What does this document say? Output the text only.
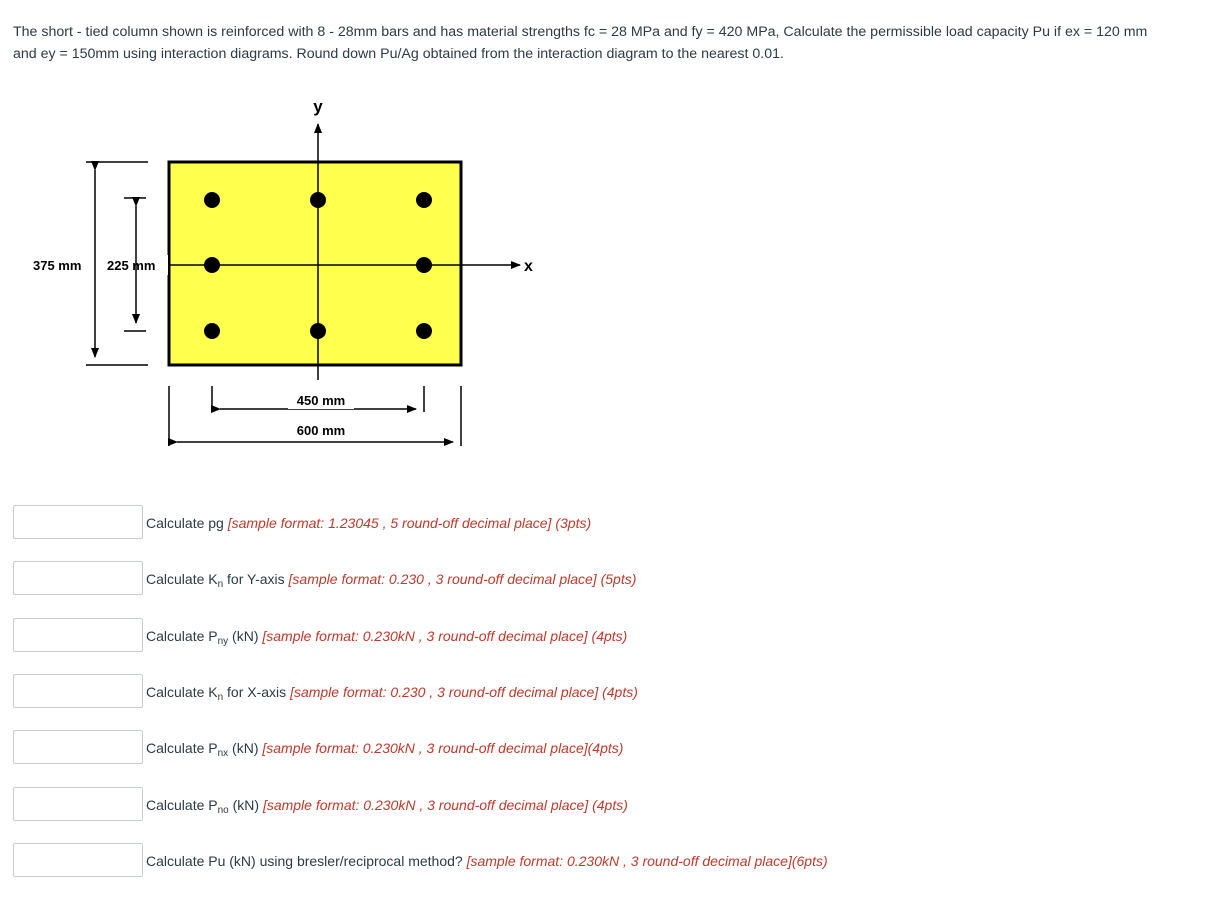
The short - tied column shown is reinforced with 8 - 28mm bars and has material strengths fc = 28 MPa and fy = 420 MPa, Calculate the permissible load capacity Pu if ex = 120 mm
and ey = 150mm using interaction diagrams. Round down Pu/Ag obtained from the interaction diagram to the nearest 0.01.
y
x
375 mm 225 mm
450 mm
600 mm
Calculate pg [sample format: 1.23045 , 5 round-off decimal place] (3pts)
Calculate $K_n$ for Y-axis [sample format: 0.230 , 3 round-off decimal place] (5pts)
Calculate $P_{ny}$ (kN) [sample format: 0.230kN , 3 round-off decimal place] (4pts)
Calculate $K_n$ for X-axis [sample format: 0.230 , 3 round-off decimal place] (4pts)
Calculate $P_{nx}$ (kN) [sample format: 0.230kN , 3 round-off decimal place](4pts)
Calculate $P_{no}$ (kN) [sample format: 0.230kN , 3 round-off decimal place] (4pts)
Calculate Pu (kN) using bresler/reciprocal method? [sample format: 0.230kN , 3 round-off decimal place](6pts)
